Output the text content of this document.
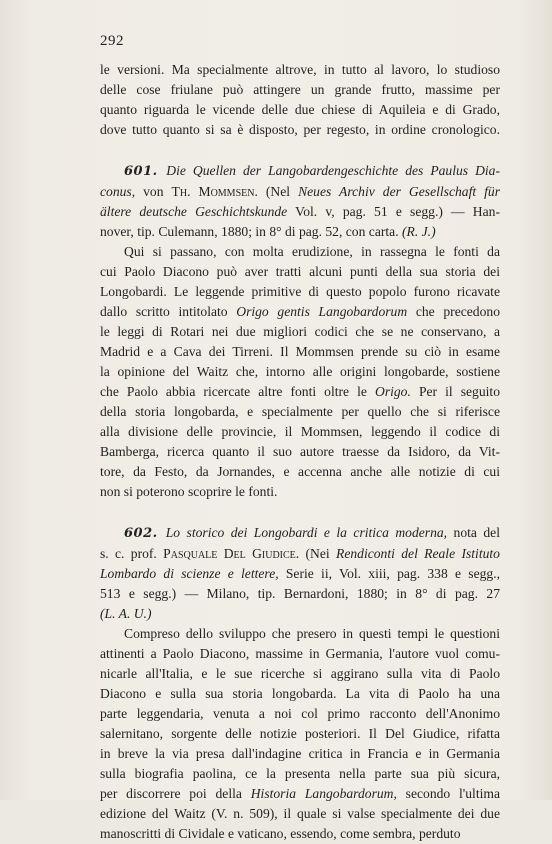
292
le versioni. Ma specialmente altrove, in tutto al lavoro, lo studioso
delle cose friulane può attingere un grande frutto, massime per
quanto riguarda le vicende delle due chiese di Aquileia e di Grado,
dove tutto quanto si sa è disposto, per regesto, in ordine cronologico.
601. Die Quellen der Langobardengeschichte des Paulus Dia-
conus, von Th. Mommsen. (Nel Neues Archiv der Gesellschaft für
ältere deutsche Geschichtskunde Vol. v, pag. 51 e segg.) — Han-
nover, tip. Culemann, 1880; in 8° di pag. 52, con carta. (R. J.)
Qui si passano, con molta erudizione, in rassegna le fonti da
cui Paolo Diacono può aver tratti alcuni punti della sua storia dei
Longobardi. Le leggende primitive di questo popolo furono ricavate
dallo scritto intitolato Origo gentis Langobardorum che precedono
le leggi di Rotari nei due migliori codici che se ne conservano, a
Madrid e a Cava dei Tirreni. Il Mommsen prende su ciò in esame
la opinione del Waitz che, intorno alle origini longobarde, sostiene
che Paolo abbia ricercate altre fonti oltre le Origo. Per il seguito
della storia longobarda, e specialmente per quello che si riferisce
alla divisione delle provincie, il Mommsen, leggendo il codice di
Bamberga, ricerca quanto il suo autore traesse da Isidoro, da Vit-
tore, da Festo, da Jornandes, e accenna anche alle notizie di cui
non si poterono scoprire le fonti.
602. Lo storico dei Longobardi e la critica moderna, nota del
s. c. prof. Pasquale Del Giudice. (Nei Rendiconti del Reale Istituto
Lombardo di scienze e lettere, Serie ii, Vol. xiii, pag. 338 e segg.,
513 e segg.) — Milano, tip. Bernardoni, 1880; in 8° di pag. 27
(L. A. U.)
Compreso dello sviluppo che presero in questi tempi le questioni
attinenti a Paolo Diacono, massime in Germania, l'autore vuol comu-
nicarle all'Italia, e le sue ricerche si aggirano sulla vita di Paolo
Diacono e sulla sua storia longobarda. La vita di Paolo ha una
parte leggendaria, venuta a noi col primo racconto dell'Anonimo
salernitano, sorgente delle notizie posteriori. Il Del Giudice, rifatta
in breve la via presa dall'indagine critica in Francia e in Germania
sulla biografia paolina, ce la presenta nella parte sua più sicura,
per discorrere poi della Historia Langobardorum, secondo l'ultima
edizione del Waitz (V. n. 509), il quale si valse specialmente dei due
manoscritti di Cividale e vaticano, essendo, come sembra, perduto
